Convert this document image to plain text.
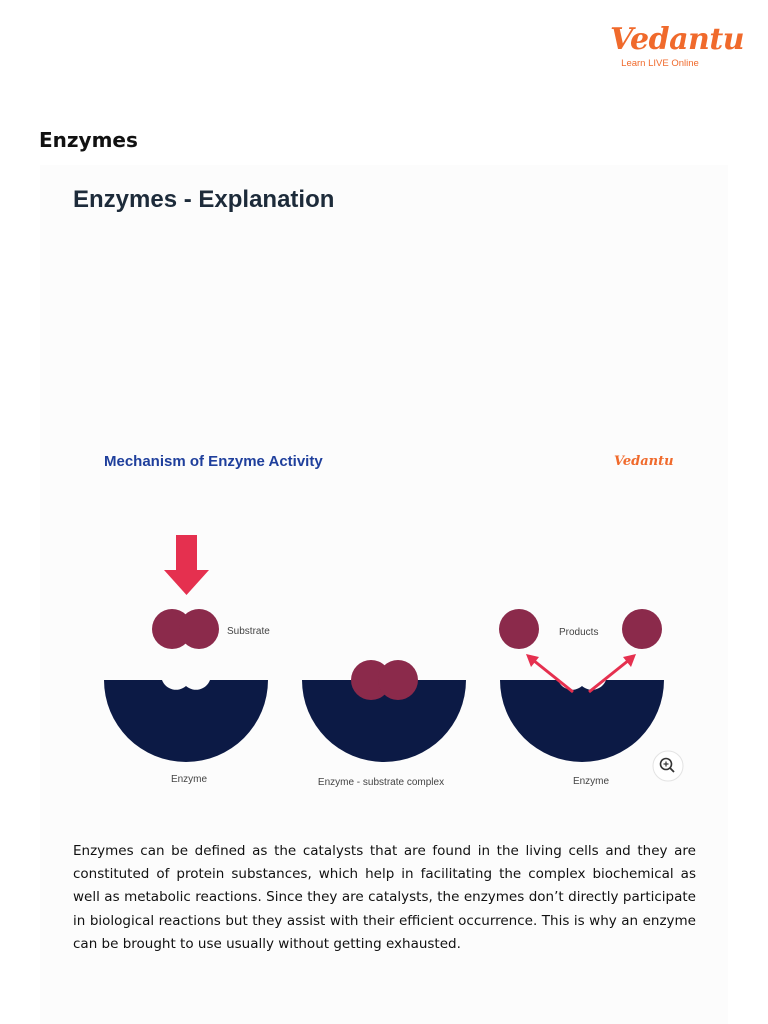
Vedantu
Learn LIVE Online
Enzymes
Enzymes - Explanation
Mechanism of Enzyme Activity	Vedantu
Substrate
Enzyme	Enzyme - substrate complex
Products
Enzyme

Enzymes can be defined as the catalysts that are found in the living cells and they are constituted of protein substances, which help in facilitating the complex biochemical as well as metabolic reactions. Since they are catalysts, the enzymes don’t directly participate in biological reactions but they assist with their efficient occurrence. This is why an enzyme can be brought to use usually without getting exhausted.
